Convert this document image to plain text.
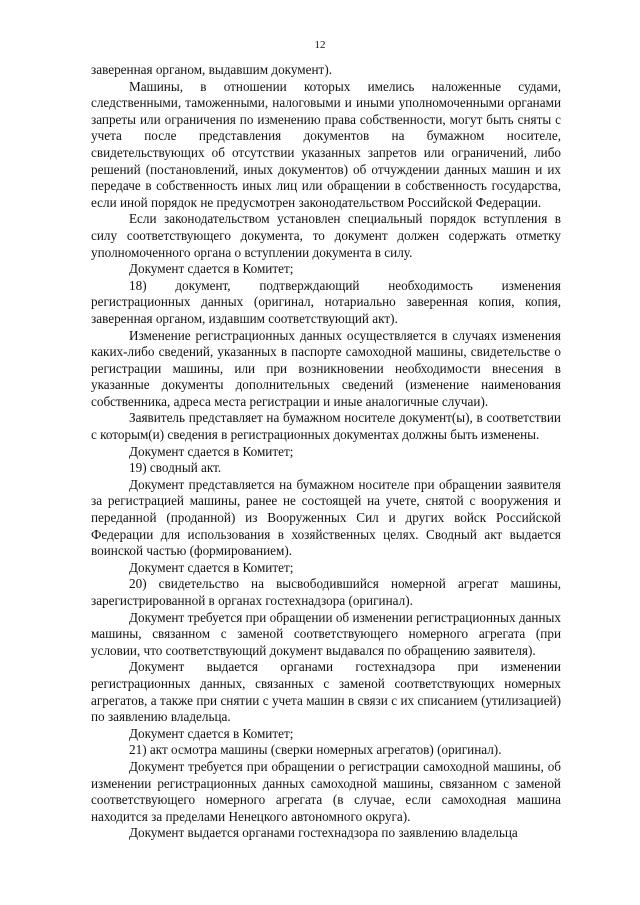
12

заверенная органом, выдавшим документ).

Машины, в отношении которых имелись наложенные судами, следственными, таможенными, налоговыми и иными уполномоченными органами запреты или ограничения по изменению права собственности, могут быть сняты с учета после представления документов на бумажном носителе, свидетельствующих об отсутствии указанных запретов или ограничений, либо решений (постановлений, иных документов) об отчуждении данных машин и их передаче в собственность иных лиц или обращении в собственность государства, если иной порядок не предусмотрен законодательством Российской Федерации.

Если законодательством установлен специальный порядок вступления в силу соответствующего документа, то документ должен содержать отметку уполномоченного органа о вступлении документа в силу.

Документ сдается в Комитет;

18) документ, подтверждающий необходимость изменения регистрационных данных (оригинал, нотариально заверенная копия, копия, заверенная органом, издавшим соответствующий акт).

Изменение регистрационных данных осуществляется в случаях изменения каких-либо сведений, указанных в паспорте самоходной машины, свидетельстве о регистрации машины, или при возникновении необходимости внесения в указанные документы дополнительных сведений (изменение наименования собственника, адреса места регистрации и иные аналогичные случаи).

Заявитель представляет на бумажном носителе документ(ы), в соответствии с которым(и) сведения в регистрационных документах должны быть изменены.

Документ сдается в Комитет;

19) сводный акт.

Документ представляется на бумажном носителе при обращении заявителя за регистрацией машины, ранее не состоящей на учете, снятой с вооружения и переданной (проданной) из Вооруженных Сил и других войск Российской Федерации для использования в хозяйственных целях. Сводный акт выдается воинской частью (формированием).

Документ сдается в Комитет;

20) свидетельство на высвободившийся номерной агрегат машины, зарегистрированной в органах гостехнадзора (оригинал).

Документ требуется при обращении об изменении регистрационных данных машины, связанном с заменой соответствующего номерного агрегата (при условии, что соответствующий документ выдавался по обращению заявителя).

Документ выдается органами гостехнадзора при изменении регистрационных данных, связанных с заменой соответствующих номерных агрегатов, а также при снятии с учета машин в связи с их списанием (утилизацией) по заявлению владельца.

Документ сдается в Комитет;

21) акт осмотра машины (сверки номерных агрегатов) (оригинал).

Документ требуется при обращении о регистрации самоходной машины, об изменении регистрационных данных самоходной машины, связанном с заменой соответствующего номерного агрегата (в случае, если самоходная машина находится за пределами Ненецкого автономного округа).

Документ выдается органами гостехнадзора по заявлению владельца
